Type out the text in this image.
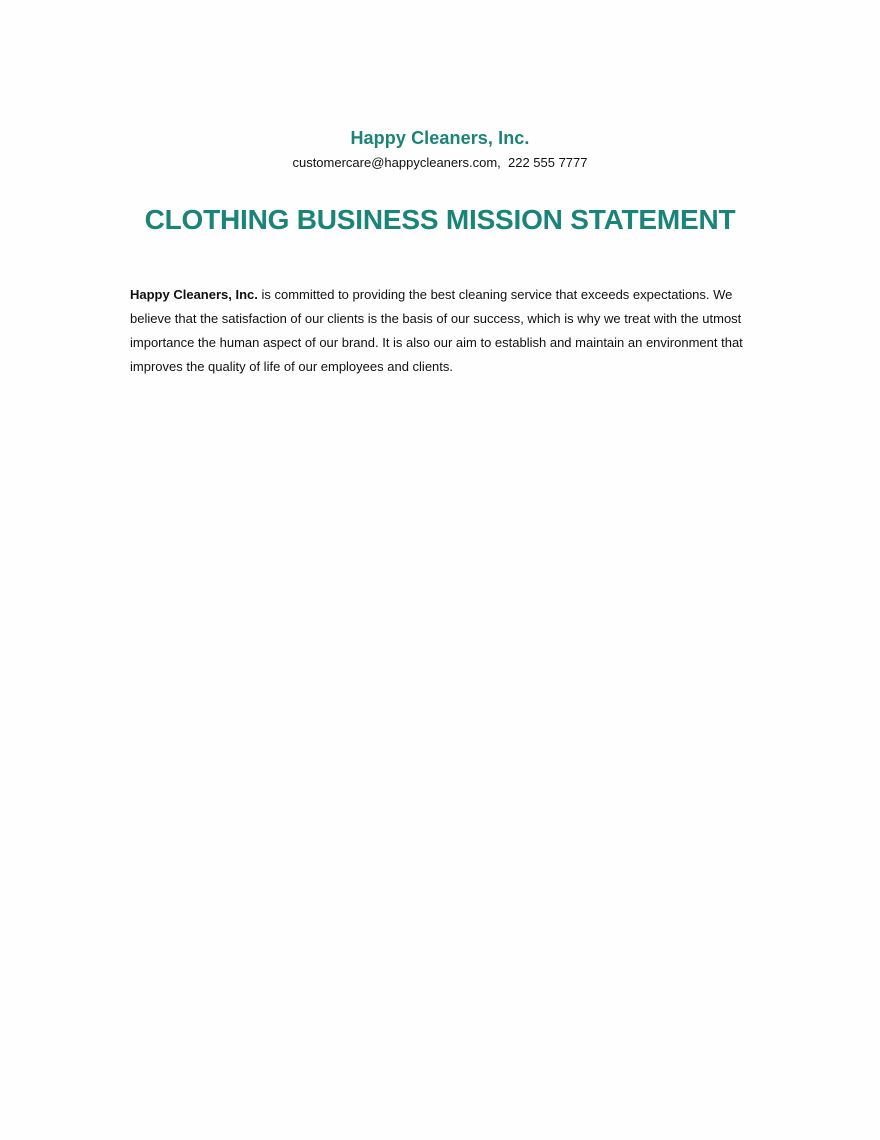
Happy Cleaners, Inc.
customercare@happycleaners.com,  222 555 7777
CLOTHING BUSINESS MISSION STATEMENT

Happy Cleaners, Inc. is committed to providing the best cleaning service that exceeds expectations. We believe that the satisfaction of our clients is the basis of our success, which is why we treat with the utmost importance the human aspect of our brand. It is also our aim to establish and maintain an environment that improves the quality of life of our employees and clients.
